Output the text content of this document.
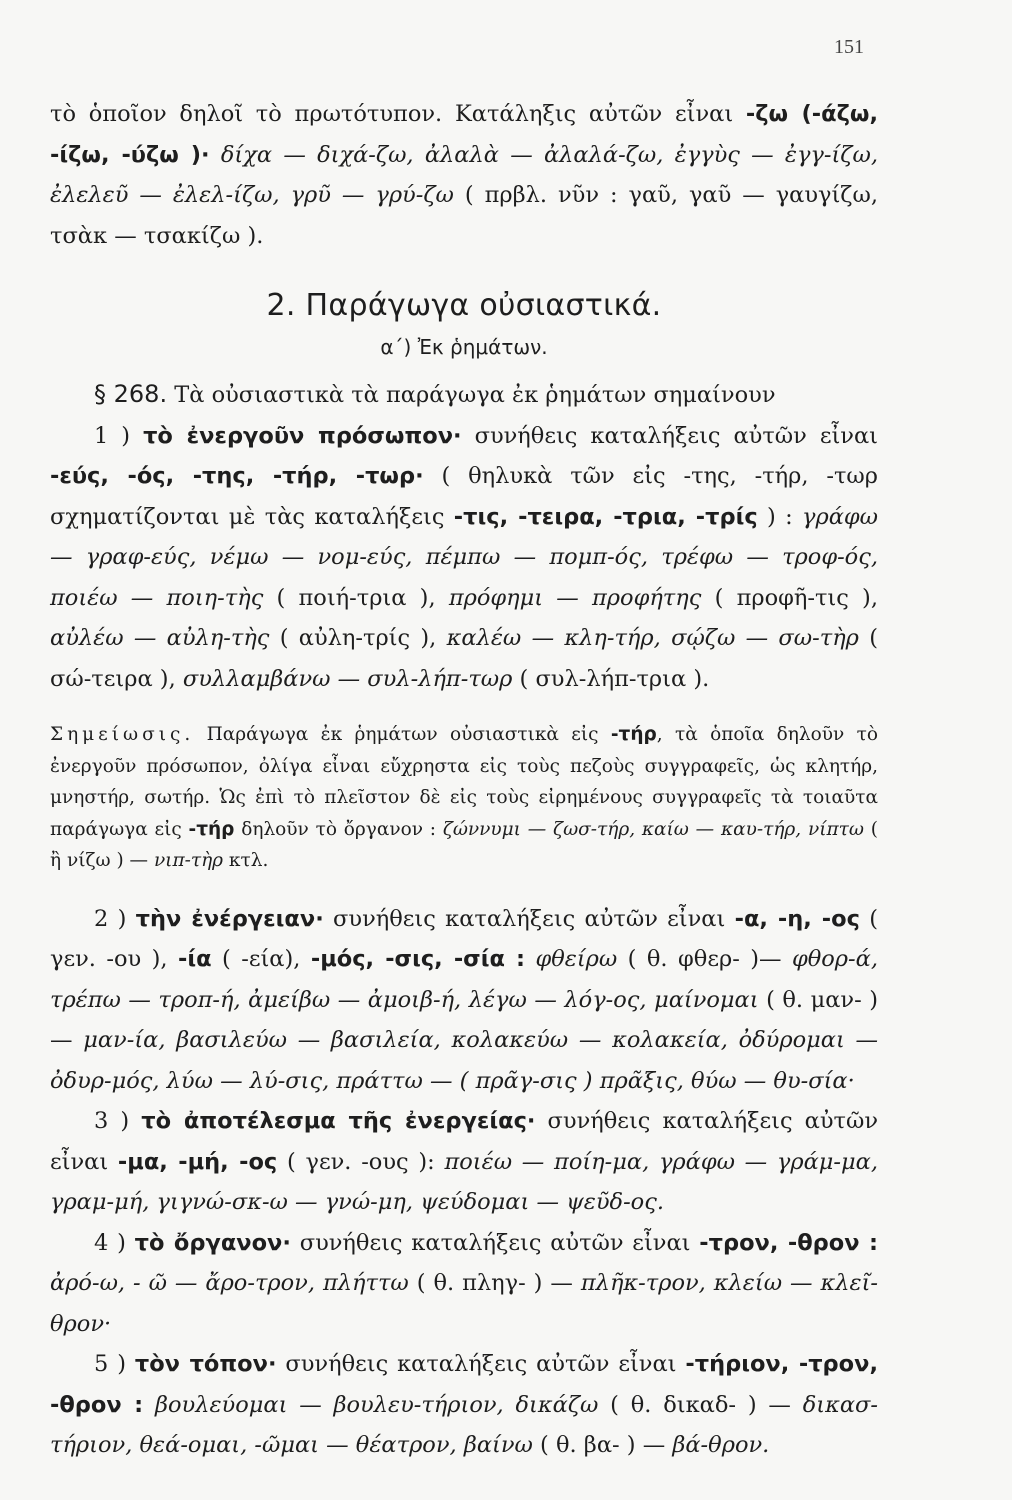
151

τὸ ὁποῖον δηλοῖ τὸ πρωτότυπον. Κατάληξις αὐτῶν εἶναι -ζω (-άζω, -ίζω, -ύζω )· δίχα — διχά-ζω, ἀλαλὰ — ἀλαλά-ζω, ἐγγὺς — ἐγγ-ίζω, ἐλελεῦ — ἐλελ-ίζω, γρῦ — γρύ-ζω ( πρβλ. νῦν : γαῦ, γαῦ — γαυγίζω, τσὰκ — τσακίζω ).

2. Παράγωγα οὐσιαστικά.

α΄) Ἐκ ῥημάτων.

§ 268. Τὰ οὐσιαστικὰ τὰ παράγωγα ἐκ ῥημάτων σημαίνουν

1 ) τὸ ἐνεργοῦν πρόσωπον· συνήθεις καταλήξεις αὐτῶν εἶναι -εύς, -ός, -της, -τήρ, -τωρ· ( θηλυκὰ τῶν εἰς -της, -τήρ, -τωρ σχηματίζονται μὲ τὰς καταλήξεις -τις, -τειρα, -τρια, -τρίς ) : γράφω — γραφ-εύς, νέμω — νομ-εύς, πέμπω — πομπ-ός, τρέφω — τροφ-ός, ποιέω — ποιη-τὴς ( ποιή-τρια ), πρόφημι — προφήτης ( προφῆ-τις ), αὐλέω — αὐλη-τὴς ( αὐλη-τρίς ), καλέω — κλη-τήρ, σῴζω — σω-τὴρ ( σώ-τειρα ), συλλαμβάνω — συλ-λήπ-τωρ ( συλ-λήπ-τρια ).

Σημείωσις. Παράγωγα ἐκ ῥημάτων οὐσιαστικὰ εἰς -τήρ, τὰ ὁποῖα δηλοῦν τὸ ἐνεργοῦν πρόσωπον, ὀλίγα εἶναι εὔχρηστα εἰς τοὺς πεζοὺς συγγραφεῖς, ὡς κλητήρ, μνηστήρ, σωτήρ. Ὡς ἐπὶ τὸ πλεῖστον δὲ εἰς τοὺς εἰρημένους συγγραφεῖς τὰ τοιαῦτα παράγωγα εἰς -τήρ δηλοῦν τὸ ὄργανον : ζώννυμι — ζωσ-τήρ, καίω — καυ-τήρ, νίπτω ( ἢ νίζω ) — νιπ-τὴρ κτλ.

2 ) τὴν ἐνέργειαν· συνήθεις καταλήξεις αὐτῶν εἶναι -α, -η, -ος ( γεν. -ου ), -ία ( -εία), -μός, -σις, -σία : φθείρω ( θ. φθερ- )— φθορ-ά, τρέπω — τροπ-ή, ἀμείβω — ἀμοιβ-ή, λέγω — λόγ-ος, μαίνομαι ( θ. μαν- ) — μαν-ία, βασιλεύω — βασιλεία, κολακεύω — κολακεία, ὀδύρομαι — ὀδυρ-μός, λύω — λύ-σις, πράττω — ( πρᾶγ-σις ) πρᾶξις, θύω — θυ-σία·

3 ) τὸ ἀποτέλεσμα τῆς ἐνεργείας· συνήθεις καταλήξεις αὐτῶν εἶναι -μα, -μή, -ος ( γεν. -ους ): ποιέω — ποίη-μα, γράφω — γράμ-μα, γραμ-μή, γιγνώ-σκ-ω — γνώ-μη, ψεύδομαι — ψεῦδ-ος.

4 ) τὸ ὄργανον· συνήθεις καταλήξεις αὐτῶν εἶναι -τρον, -θρον : ἀρό-ω, - ῶ — ἄρο-τρον, πλήττω ( θ. πληγ- ) — πλῆκ-τρον, κλείω — κλεῖ-θρον·

5 ) τὸν τόπον· συνήθεις καταλήξεις αὐτῶν εἶναι -τήριον, -τρον, -θρον : βουλεύομαι — βουλευ-τήριον, δικάζω ( θ. δικαδ- ) — δικασ-τήριον, θεά-ομαι, -ῶμαι — θέατρον, βαίνω ( θ. βα- ) — βά-θρον.
